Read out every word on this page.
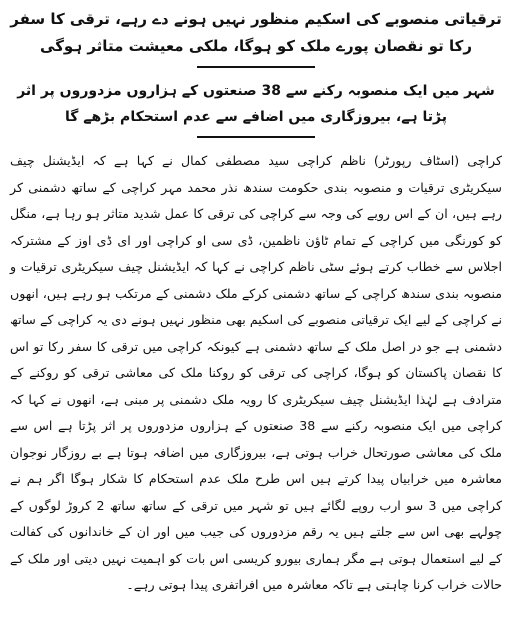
ترقیاتی منصوبے کی اسکیم منظور نہیں ہونے دے رہے، ترقی کا سفر رکا تو نقصان پورے ملک کو ہوگا، ملکی معیشت متاثر ہوگی
شہر میں ایک منصوبہ رکنے سے 38 صنعتوں کے ہزاروں مزدوروں پر اثر پڑتا ہے، بیروزگاری میں اضافے سے عدم استحکام بڑھے گا

کراچی (اسٹاف رپورٹر) ناظم کراچی سید مصطفی کمال نے کہا ہے کہ ایڈیشنل چیف سیکریٹری ترقیات و منصوبہ بندی حکومت سندھ نذر محمد مہر کراچی کے ساتھ دشمنی کر رہے ہیں، ان کے اس رویے کی وجہ سے کراچی کی ترقی کا عمل شدید متاثر ہو رہا ہے، منگل کو کورنگی میں کراچی کے تمام ٹاؤن ناظمین، ڈی سی او کراچی اور ای ڈی اوز کے مشترکہ اجلاس سے خطاب کرتے ہوئے سٹی ناظم کراچی نے کہا کہ ایڈیشنل چیف سیکریٹری ترقیات و منصوبہ بندی سندھ کراچی کے ساتھ دشمنی کرکے ملک دشمنی کے مرتکب ہو رہے ہیں، انھوں نے کراچی کے لیے ایک ترقیاتی منصوبے کی اسکیم بھی منظور نہیں ہونے دی یہ کراچی کے ساتھ دشمنی ہے جو در اصل ملک کے ساتھ دشمنی ہے کیونکہ کراچی میں ترقی کا سفر رکا تو اس کا نقصان پاکستان کو ہوگا، کراچی کی ترقی کو روکنا ملک کی معاشی ترقی کو روکنے کے مترادف ہے لہٰذا ایڈیشنل چیف سیکریٹری کا رویہ ملک دشمنی پر مبنی ہے، انھوں نے کہا کہ کراچی میں ایک منصوبہ رکنے سے 38 صنعتوں کے ہزاروں مزدوروں پر اثر پڑتا ہے اس سے ملک کی معاشی صورتحال خراب ہوتی ہے، بیروزگاری میں اضافہ ہوتا ہے بے روزگار نوجوان معاشرہ میں خرابیاں پیدا کرتے ہیں اس طرح ملک عدم استحکام کا شکار ہوگا اگر ہم نے کراچی میں 3 سو ارب روپے لگائے ہیں تو شہر میں ترقی کے ساتھ ساتھ 2 کروڑ لوگوں کے چولہے بھی اس سے جلتے ہیں یہ رقم مزدوروں کی جیب میں اور ان کے خاندانوں کی کفالت کے لیے استعمال ہوتی ہے مگر ہماری بیورو کریسی اس بات کو اہمیت نہیں دیتی اور ملک کے حالات خراب کرنا چاہتی ہے تاکہ معاشرہ میں افراتفری پیدا ہوتی رہے۔
